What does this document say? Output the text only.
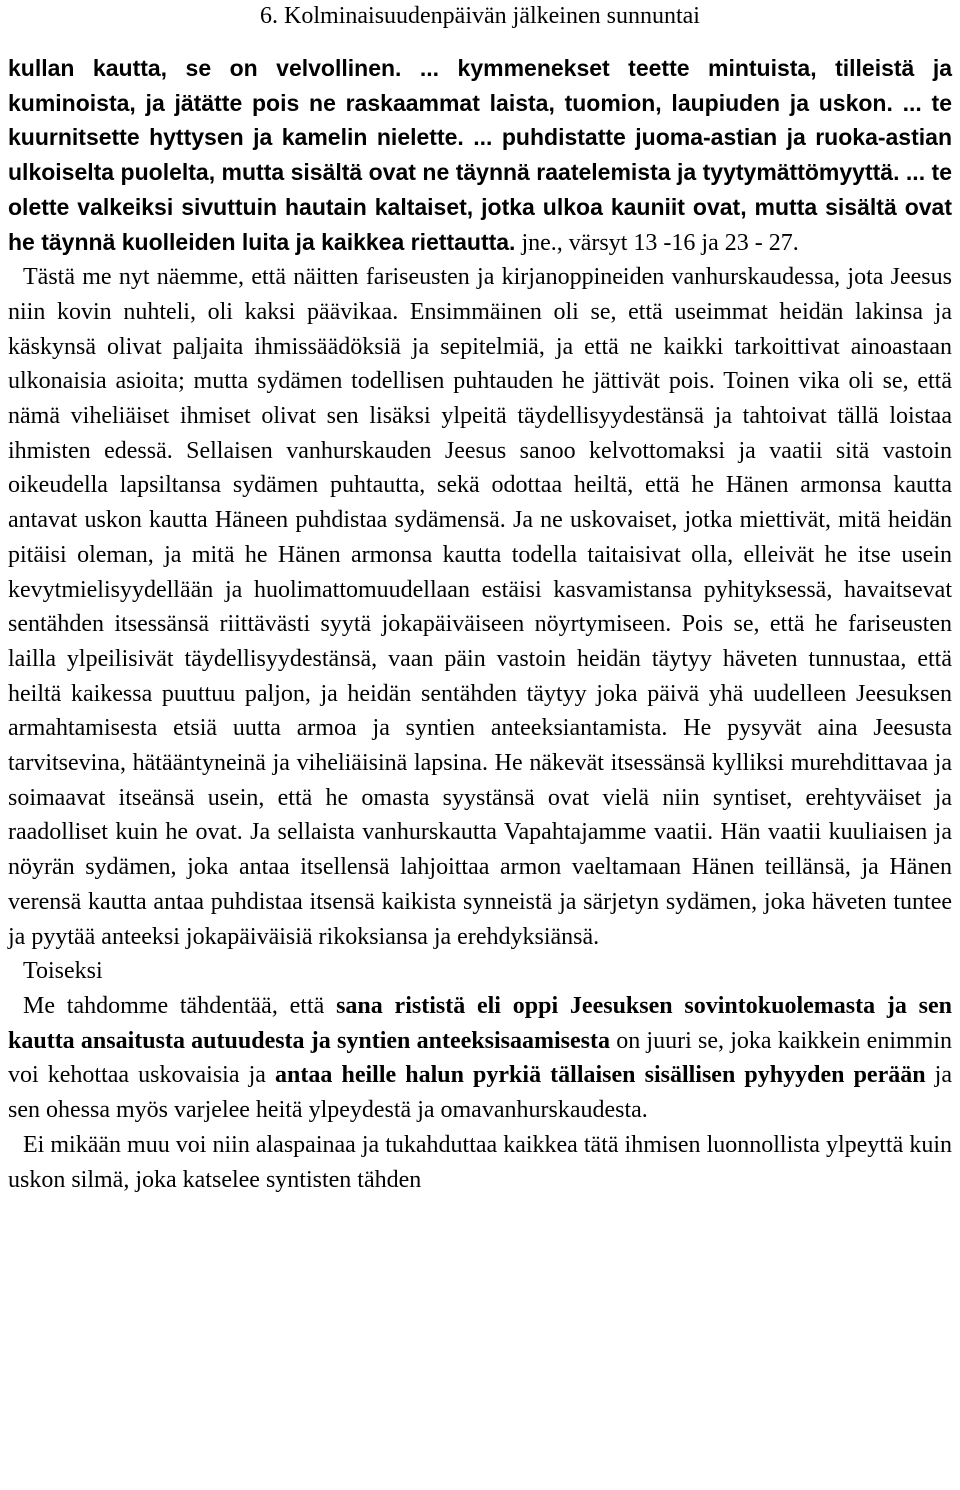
6. Kolminaisuudenpäivän jälkeinen sunnuntai

kullan kautta, se on velvollinen. ... kymmenekset teette mintuista, tilleistä ja kuminoista, ja jätätte pois ne raskaammat laista, tuomion, laupiuden ja uskon. ... te kuurnitsette hyttysen ja kamelin nielette. ... puhdistatte juoma-astian ja ruoka-astian ulkoiselta puolelta, mutta sisältä ovat ne täynnä raatelemista ja tyytymättömyyttä. ... te olette valkeiksi sivuttuin hautain kaltaiset, jotka ulkoa kauniit ovat, mutta sisältä ovat he täynnä kuolleiden luita ja kaikkea riettautta. jne., värsyt 13 -16 ja 23 - 27.

Tästä me nyt näemme, että näitten fariseusten ja kirjanoppineiden vanhurskaudessa, jota Jeesus niin kovin nuhteli, oli kaksi päävikaa. Ensimmäinen oli se, että useimmat heidän lakinsa ja käskynsä olivat paljaita ihmissäädöksiä ja sepitelmiä, ja että ne kaikki tarkoittivat ainoastaan ulkonaisia asioita; mutta sydämen todellisen puhtauden he jättivät pois. Toinen vika oli se, että nämä viheliäiset ihmiset olivat sen lisäksi ylpeitä täydellisyydestänsä ja tahtoivat tällä loistaa ihmisten edessä. Sellaisen vanhurskauden Jeesus sanoo kelvottomaksi ja vaatii sitä vastoin oikeudella lapsiltansa sydämen puhtautta, sekä odottaa heiltä, että he Hänen armonsa kautta antavat uskon kautta Häneen puhdistaa sydämensä. Ja ne uskovaiset, jotka miettivät, mitä heidän pitäisi oleman, ja mitä he Hänen armonsa kautta todella taitaisivat olla, elleivät he itse usein kevytmielisyydellään ja huolimattomuudellaan estäisi kasvamistansa pyhityksessä, havaitsevat sentähden itsessänsä riittävästi syytä jokapäiväiseen nöyrtymiseen. Pois se, että he fariseusten lailla ylpeilisivät täydellisyydestänsä, vaan päin vastoin heidän täytyy häveten tunnustaa, että heiltä kaikessa puuttuu paljon, ja heidän sentähden täytyy joka päivä yhä uudelleen Jeesuksen armahtamisesta etsiä uutta armoa ja syntien anteeksiantamista. He pysyvät aina Jeesusta tarvitsevina, hätääntyneinä ja viheliäisinä lapsina. He näkevät itsessänsä kylliksi murehdittavaa ja soimaavat itseänsä usein, että he omasta syystänsä ovat vielä niin syntiset, erehtyväiset ja raadolliset kuin he ovat. Ja sellaista vanhurskautta Vapahtajamme vaatii. Hän vaatii kuuliaisen ja nöyrän sydämen, joka antaa itsellensä lahjoittaa armon vaeltamaan Hänen teillänsä, ja Hänen verensä kautta antaa puhdistaa itsensä kaikista synneistä ja särjetyn sydämen, joka häveten tuntee ja pyytää anteeksi jokapäiväisiä rikoksiansa ja erehdyksiänsä.

Toiseksi

Me tahdomme tähdentää, että sana rististä eli oppi Jeesuksen sovintokuolemasta ja sen kautta ansaitusta autuudesta ja syntien anteeksisaamisesta on juuri se, joka kaikkein enimmin voi kehottaa uskovaisia ja antaa heille halun pyrkiä tällaisen sisällisen pyhyyden perään ja sen ohessa myös varjelee heitä ylpeydestä ja omavanhurskaudesta.

Ei mikään muu voi niin alaspainaa ja tukahduttaa kaikkea tätä ihmisen luonnollista ylpeyttä kuin uskon silmä, joka katselee syntisten tähden
